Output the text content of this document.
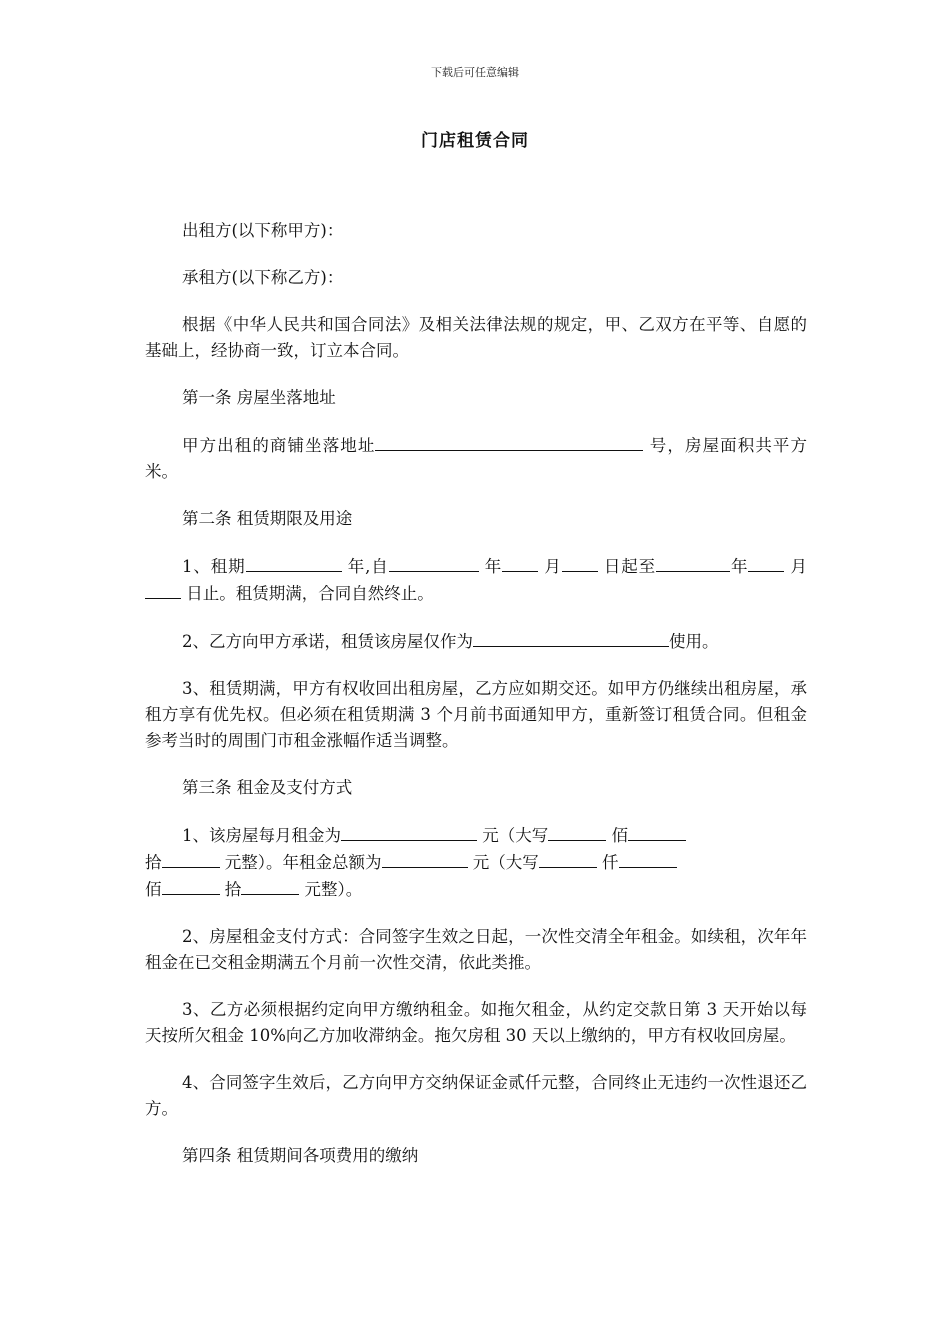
下载后可任意编辑
门店租赁合同

出租方(以下称甲方)：

承租方(以下称乙方)：

根据《中华人民共和国合同法》及相关法律法规的规定，甲、乙双方在平等、自愿的基础上，经协商一致，订立本合同。

第一条 房屋坐落地址

甲方出租的商铺坐落地址	号，房屋面积共平方米。

第二条 租赁期限及用途

1、租期	年,自	年 月 日起至	年 月 日止。租赁期满，合同自然终止。

2、乙方向甲方承诺，租赁该房屋仅作为	使用。

3、租赁期满，甲方有权收回出租房屋，乙方应如期交还。如甲方仍继续出租房屋，承租方享有优先权。但必须在租赁期满 3 个月前书面通知甲方，重新签订租赁合同。但租金参考当时的周围门市租金涨幅作适当调整。

第三条 租金及支付方式

1、该房屋每月租金为	元（大写	佰
拾	元整）。年租金总额为	元（大写	仟
佰	拾	元整）。

2、房屋租金支付方式：合同签字生效之日起，一次性交清全年租金。如续租，次年年租金在已交租金期满五个月前一次性交清，依此类推。

3、乙方必须根据约定向甲方缴纳租金。如拖欠租金，从约定交款日第 3 天开始以每天按所欠租金 10%向乙方加收滞纳金。拖欠房租 30 天以上缴纳的，甲方有权收回房屋。

4、合同签字生效后，乙方向甲方交纳保证金贰仟元整，合同终止无违约一次性退还乙方。

第四条 租赁期间各项费用的缴纳
